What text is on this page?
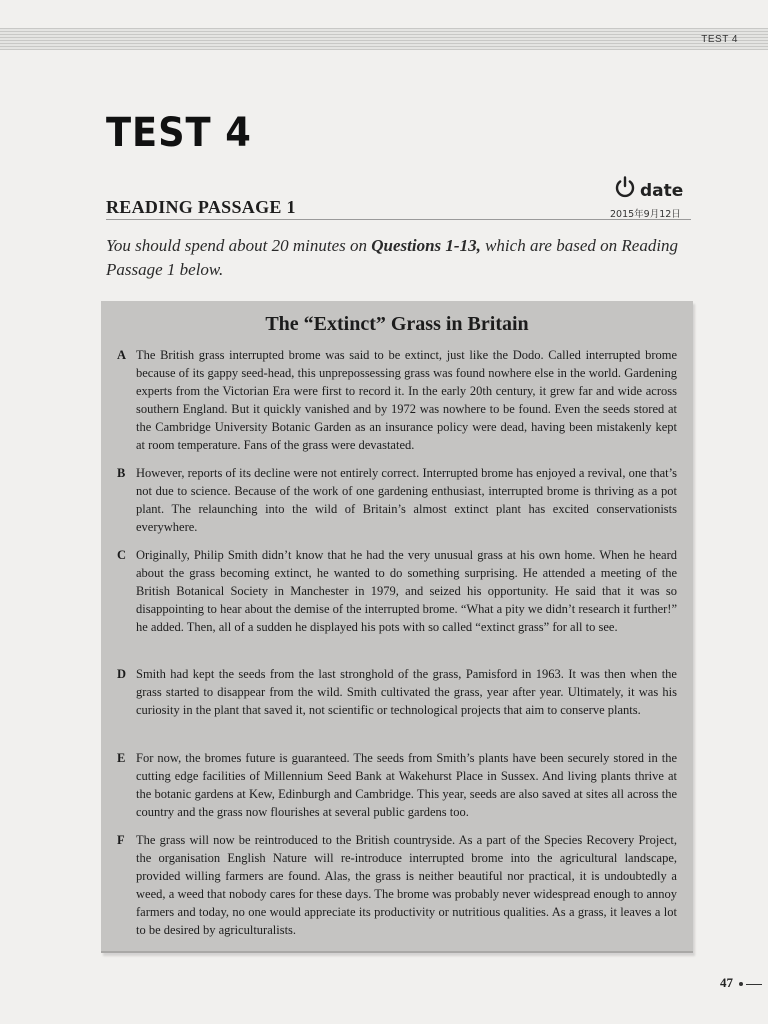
TEST 4
TEST 4
READING PASSAGE 1
date
2015年9月12日
You should spend about 20 minutes on Questions 1-13, which are based on Reading Passage 1 below.
The “Extinct” Grass in Britain
A The British grass interrupted brome was said to be extinct, just like the Dodo. Called interrupted brome because of its gappy seed-head, this unprepossessing grass was found nowhere else in the world. Gardening experts from the Victorian Era were first to record it. In the early 20th century, it grew far and wide across southern England. But it quickly vanished and by 1972 was nowhere to be found. Even the seeds stored at the Cambridge University Botanic Garden as an insurance policy were dead, having been mistakenly kept at room temperature. Fans of the grass were devastated.
B However, reports of its decline were not entirely correct. Interrupted brome has enjoyed a revival, one that’s not due to science. Because of the work of one gardening enthusiast, interrupted brome is thriving as a pot plant. The relaunching into the wild of Britain’s almost extinct plant has excited conservationists everywhere.
C Originally, Philip Smith didn’t know that he had the very unusual grass at his own home. When he heard about the grass becoming extinct, he wanted to do something surprising. He attended a meeting of the British Botanical Society in Manchester in 1979, and seized his opportunity. He said that it was so disappointing to hear about the demise of the interrupted brome. “What a pity we didn’t research it further!” he added. Then, all of a sudden he displayed his pots with so called “extinct grass” for all to see.
D Smith had kept the seeds from the last stronghold of the grass, Pamisford in 1963. It was then when the grass started to disappear from the wild. Smith cultivated the grass, year after year. Ultimately, it was his curiosity in the plant that saved it, not scientific or technological projects that aim to conserve plants.
E For now, the bromes future is guaranteed. The seeds from Smith’s plants have been securely stored in the cutting edge facilities of Millennium Seed Bank at Wakehurst Place in Sussex. And living plants thrive at the botanic gardens at Kew, Edinburgh and Cambridge. This year, seeds are also saved at sites all across the country and the grass now flourishes at several public gardens too.
F The grass will now be reintroduced to the British countryside. As a part of the Species Recovery Project, the organisation English Nature will re-introduce interrupted brome into the agricultural landscape, provided willing farmers are found. Alas, the grass is neither beautiful nor practical, it is undoubtedly a weed, a weed that nobody cares for these days. The brome was probably never widespread enough to annoy farmers and today, no one would appreciate its productivity or nutritious qualities. As a grass, it leaves a lot to be desired by agriculturalists.
47
